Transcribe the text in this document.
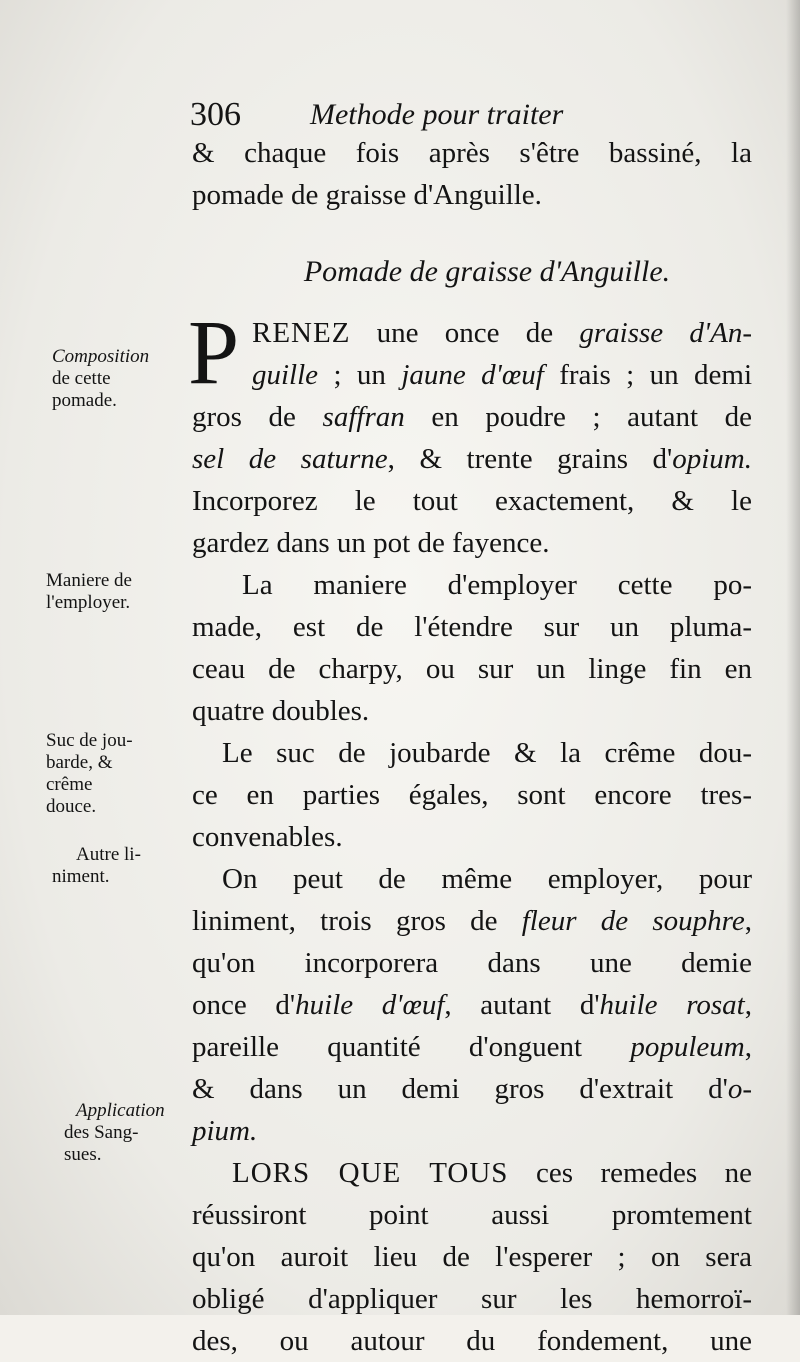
306 Methode pour traiter
Composition
de cette
pomade.
Maniere de
l'employer.
Suc de jou-
barde, &
crême
douce.
Autre li-
niment.
Application
des Sang-
sues.
& chaque fois après s'être bassiné, la
pomade de graisse d'Anguille.
Pomade de graisse d'Anguille.
P RENEZ une once de graisse d'An-
guille ; un jaune d'œuf frais ; un demi
gros de saffran en poudre ; autant de
sel de saturne, & trente grains d'opium.
Incorporez le tout exactement, & le
gardez dans un pot de fayence.
La maniere d'employer cette po-
made, est de l'étendre sur un pluma-
ceau de charpy, ou sur un linge fin en
quatre doubles.
Le suc de joubarde & la crême dou-
ce en parties égales, sont encore tres-
convenables.
On peut de même employer, pour
liniment, trois gros de fleur de souphre,
qu'on incorporera dans une demie
once d'huile d'œuf, autant d'huile rosat,
pareille quantité d'onguent populeum,
& dans un demi gros d'extrait d'o-
pium.
LORS QUE TOUS ces remedes ne
réussiront point aussi promtement
qu'on auroit lieu de l'esperer ; on sera
obligé d'appliquer sur les hemorroï-
des, ou autour du fondement, une
